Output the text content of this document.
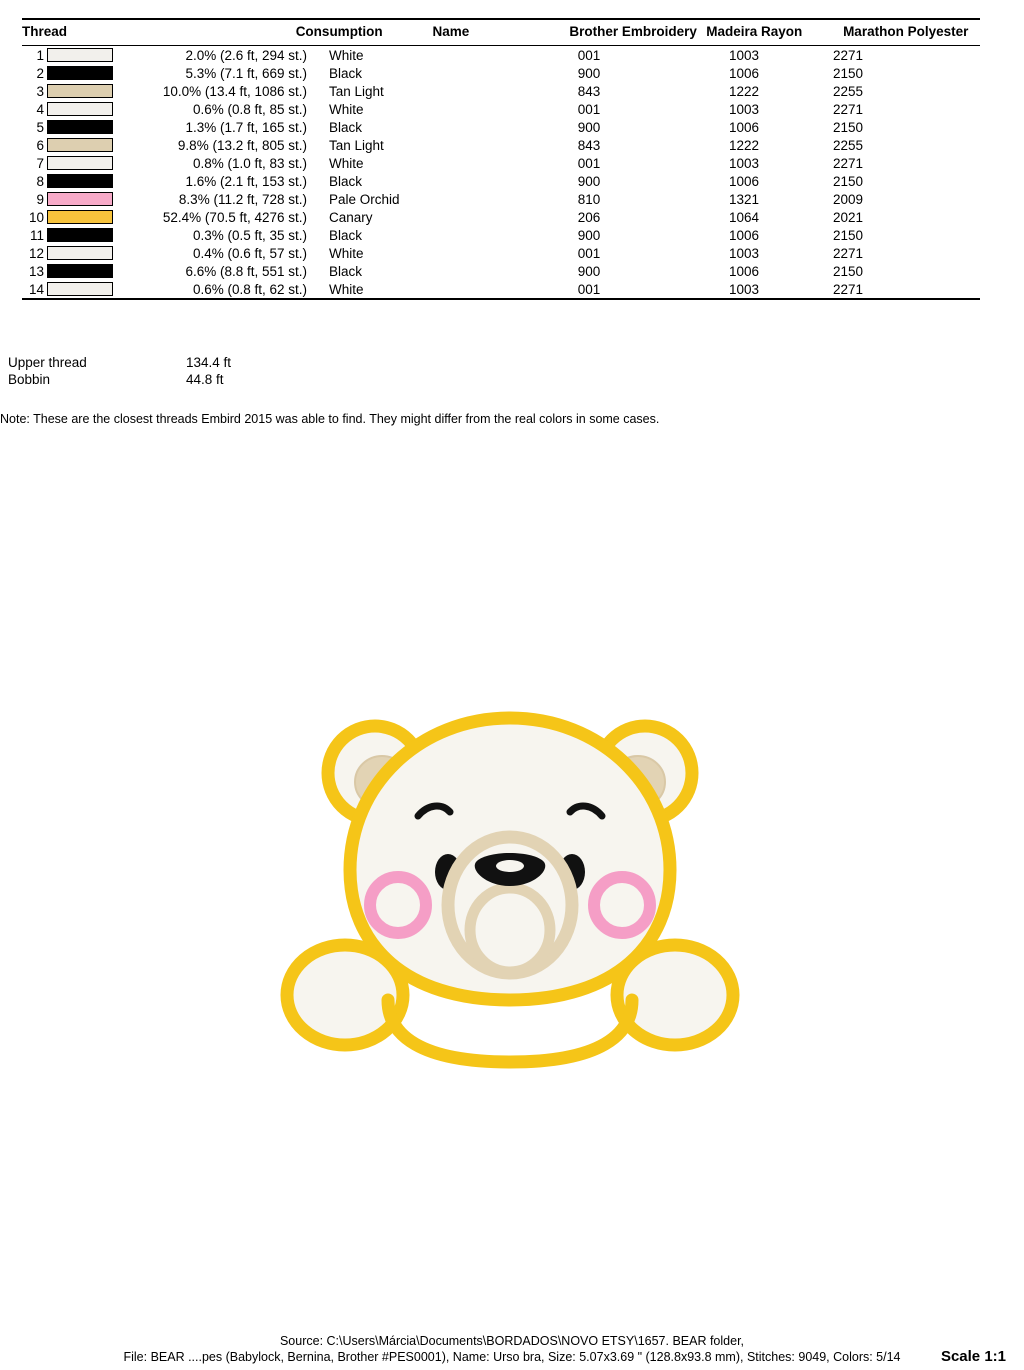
Thread	Consumption	Name	Brother Embroidery	Madeira Rayon	Marathon Polyester
1		2.0% (2.6 ft, 294 st.)	White	001	1003	2271
2		5.3% (7.1 ft, 669 st.)	Black	900	1006	2150
3		10.0% (13.4 ft, 1086 st.)	Tan Light	843	1222	2255
4		0.6% (0.8 ft, 85 st.)	White	001	1003	2271
5		1.3% (1.7 ft, 165 st.)	Black	900	1006	2150
6		9.8% (13.2 ft, 805 st.)	Tan Light	843	1222	2255
7		0.8% (1.0 ft, 83 st.)	White	001	1003	2271
8		1.6% (2.1 ft, 153 st.)	Black	900	1006	2150
9		8.3% (11.2 ft, 728 st.)	Pale Orchid	810	1321	2009
10		52.4% (70.5 ft, 4276 st.)	Canary	206	1064	2021
11		0.3% (0.5 ft, 35 st.)	Black	900	1006	2150
12		0.4% (0.6 ft, 57 st.)	White	001	1003	2271
13		6.6% (8.8 ft, 551 st.)	Black	900	1006	2150
14		0.6% (0.8 ft, 62 st.)	White	001	1003	2271
Upper thread	134.4 ft
Bobbin	44.8 ft
Note: These are the closest threads Embird 2015 was able to find. They might differ from the real colors in some cases.
Source: C:\Users\Márcia\Documents\BORDADOS\NOVO ETSY\1657. BEAR folder,
File: BEAR ....pes (Babylock, Bernina, Brother #PES0001), Name: Urso bra, Size: 5.07x3.69 " (128.8x93.8 mm), Stitches: 9049, Colors: 5/14	Scale 1:1
